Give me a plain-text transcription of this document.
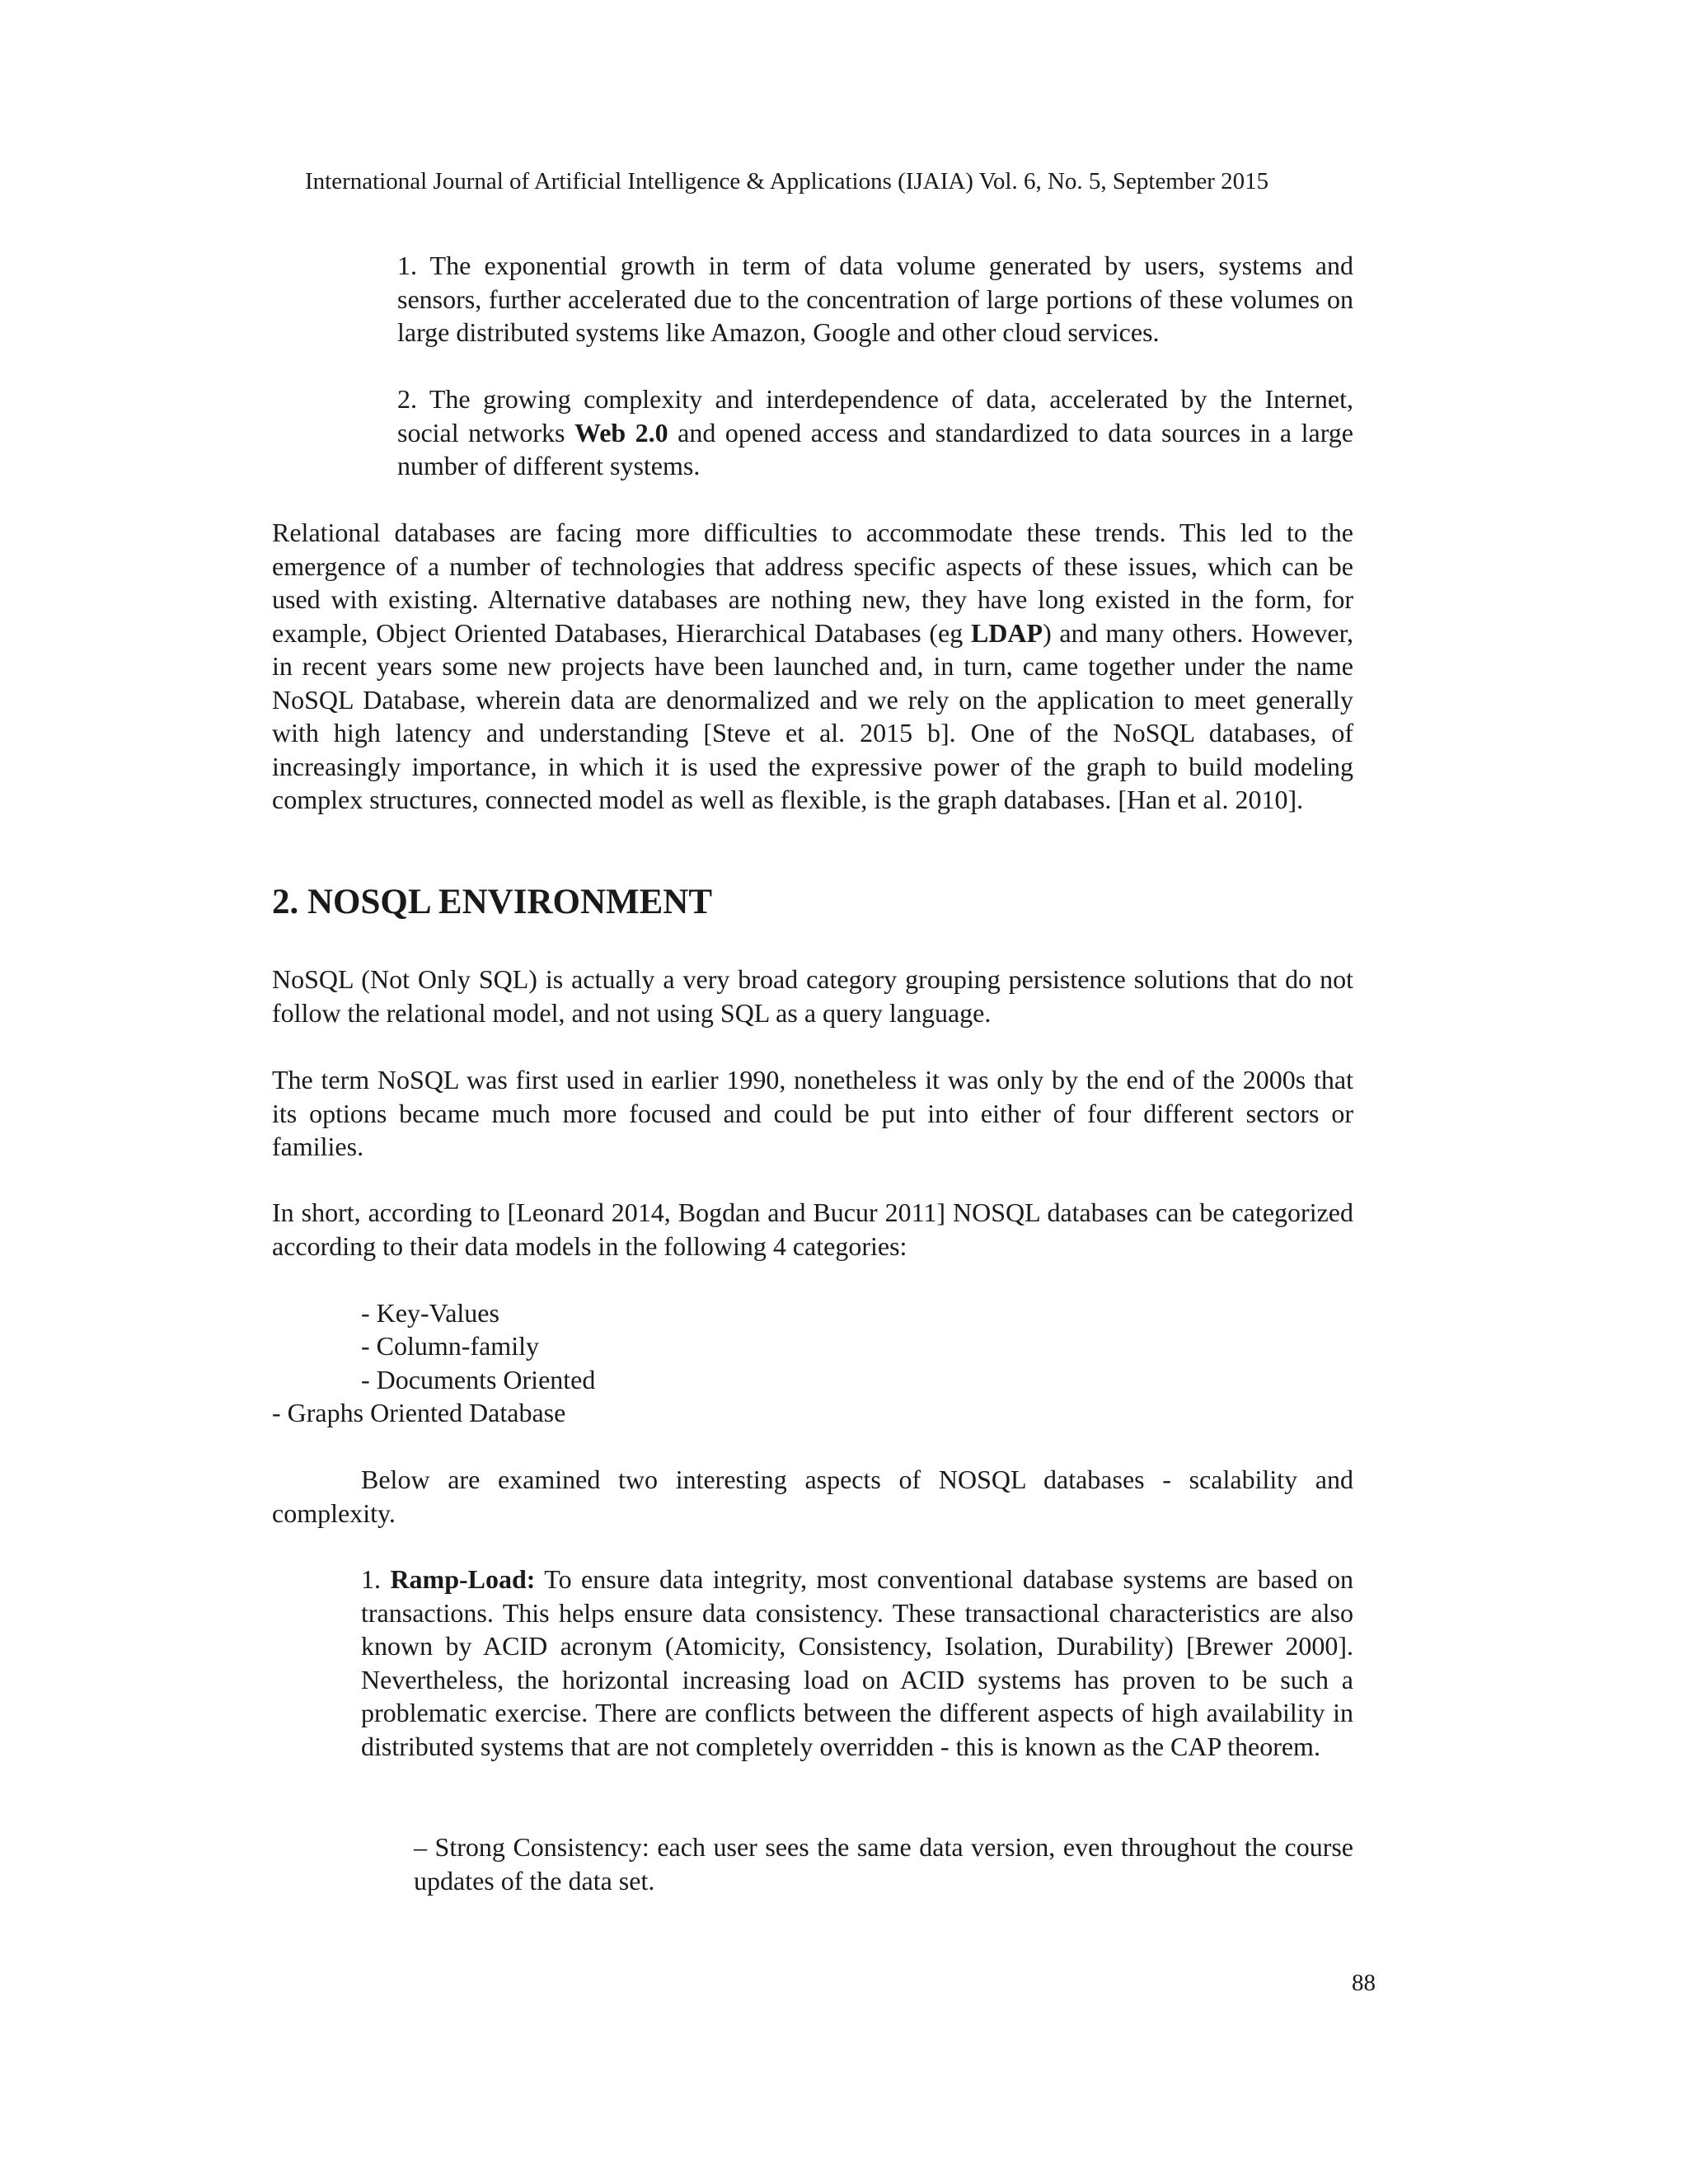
International Journal of Artificial Intelligence & Applications (IJAIA) Vol. 6, No. 5, September 2015

1. The exponential growth in term of data volume generated by users, systems and sensors, further accelerated due to the concentration of large portions of these volumes on large distributed systems like Amazon, Google and other cloud services.

2. The growing complexity and interdependence of data, accelerated by the Internet, social networks Web 2.0 and opened access and standardized to data sources in a large number of different systems.

Relational databases are facing more difficulties to accommodate these trends. This led to the emergence of a number of technologies that address specific aspects of these issues, which can be used with existing. Alternative databases are nothing new, they have long existed in the form, for example, Object Oriented Databases, Hierarchical Databases (eg LDAP) and many others. However, in recent years some new projects have been launched and, in turn, came together under the name NoSQL Database, wherein data are denormalized and we rely on the application to meet generally with high latency and understanding [Steve et al. 2015 b]. One of the NoSQL databases, of increasingly importance, in which it is used the expressive power of the graph to build modeling complex structures, connected model as well as flexible, is the graph databases. [Han et al. 2010].

2. NOSQL ENVIRONMENT

NoSQL (Not Only SQL) is actually a very broad category grouping persistence solutions that do not follow the relational model, and not using SQL as a query language.

The term NoSQL was first used in earlier 1990, nonetheless it was only by the end of the 2000s that its options became much more focused and could be put into either of four different sectors or families.

In short, according to [Leonard 2014, Bogdan and Bucur 2011] NOSQL databases can be categorized according to their data models in the following 4 categories:

- Key-Values
- Column-family
- Documents Oriented
- Graphs Oriented Database

Below are examined two interesting aspects of NOSQL databases - scalability and complexity.

1. Ramp-Load: To ensure data integrity, most conventional database systems are based on transactions. This helps ensure data consistency. These transactional characteristics are also known by ACID acronym (Atomicity, Consistency, Isolation, Durability) [Brewer 2000]. Nevertheless, the horizontal increasing load on ACID systems has proven to be such a problematic exercise. There are conflicts between the different aspects of high availability in distributed systems that are not completely overridden - this is known as the CAP theorem.

– Strong Consistency: each user sees the same data version, even throughout the course updates of the data set.

88
